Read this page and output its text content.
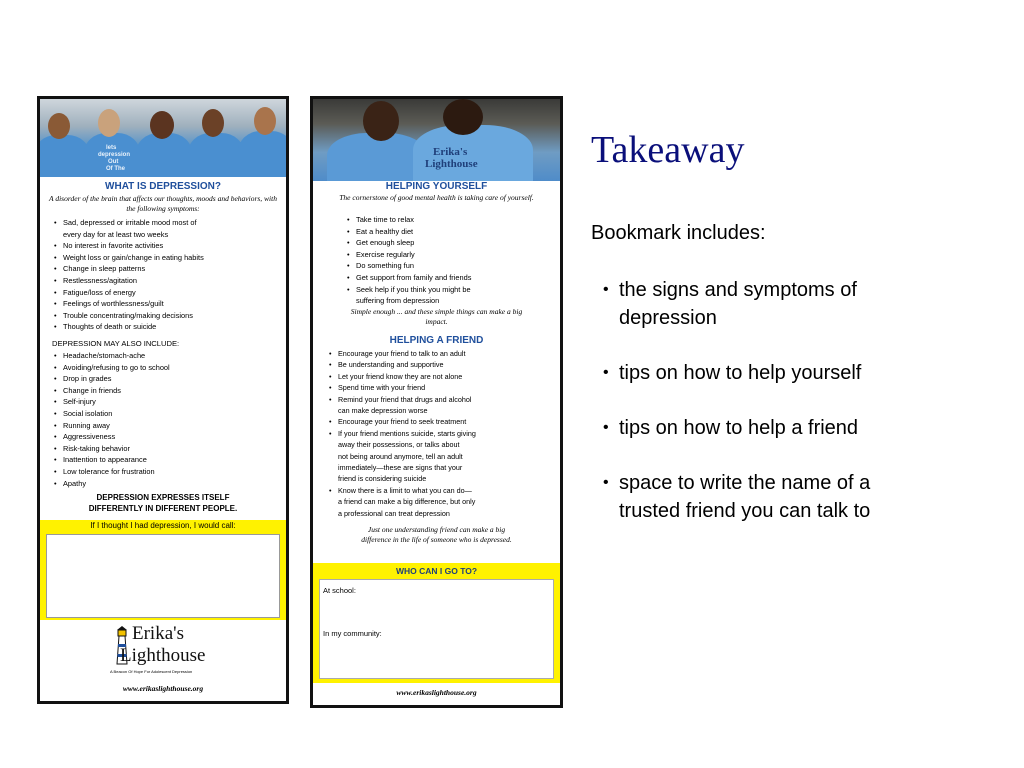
lets
depression
Out
Of The
WHAT IS DEPRESSION?
A disorder of the brain that affects our thoughts, moods and behaviors, with the following symptoms:
• Sad, depressed or irritable mood most of
every day for at least two weeks
• No interest in favorite activities
• Weight loss or gain/change in eating habits
• Change in sleep patterns
• Restlessness/agitation
• Fatigue/loss of energy
• Feelings of worthlessness/guilt
• Trouble concentrating/making decisions
• Thoughts of death or suicide
DEPRESSION MAY ALSO INCLUDE:
• Headache/stomach-ache
• Avoiding/refusing to go to school
• Drop in grades
• Change in friends
• Self-injury
• Social isolation
• Running away
• Aggressiveness
• Risk-taking behavior
• Inattention to appearance
• Low tolerance for frustration
• Apathy
DEPRESSION EXPRESSES ITSELF
DIFFERENTLY IN DIFFERENT PEOPLE.
If I thought I had depression, I would call:
Erika's
Lighthouse
A Beacon Of Hope For Adolescent Depression
www.erikaslighthouse.org
Erika's
Lighthouse
HELPING YOURSELF
The cornerstone of good mental health is taking care of yourself.
• Take time to relax
• Eat a healthy diet
• Get enough sleep
• Exercise regularly
• Do something fun
• Get support from family and friends
• Seek help if you think you might be
suffering from depression
Simple enough ... and these simple things can make a big impact.
HELPING A FRIEND
• Encourage your friend to talk to an adult
• Be understanding and supportive
• Let your friend know they are not alone
• Spend time with your friend
• Remind your friend that drugs and alcohol
can make depression worse
• Encourage your friend to seek treatment
• If your friend mentions suicide, starts giving
away their possessions, or talks about
not being around anymore, tell an adult
immediately—these are signs that your
friend is considering suicide
• Know there is a limit to what you can do—
a friend can make a big difference, but only
a professional can treat depression
Just one understanding friend can make a big difference in the life of someone who is depressed.
WHO CAN I GO TO?
At school:
In my community:
www.erikaslighthouse.org
Takeaway
Bookmark includes:
• the signs and symptoms of depression
• tips on how to help yourself
• tips on how to help a friend
• space to write the name of a trusted friend you can talk to
